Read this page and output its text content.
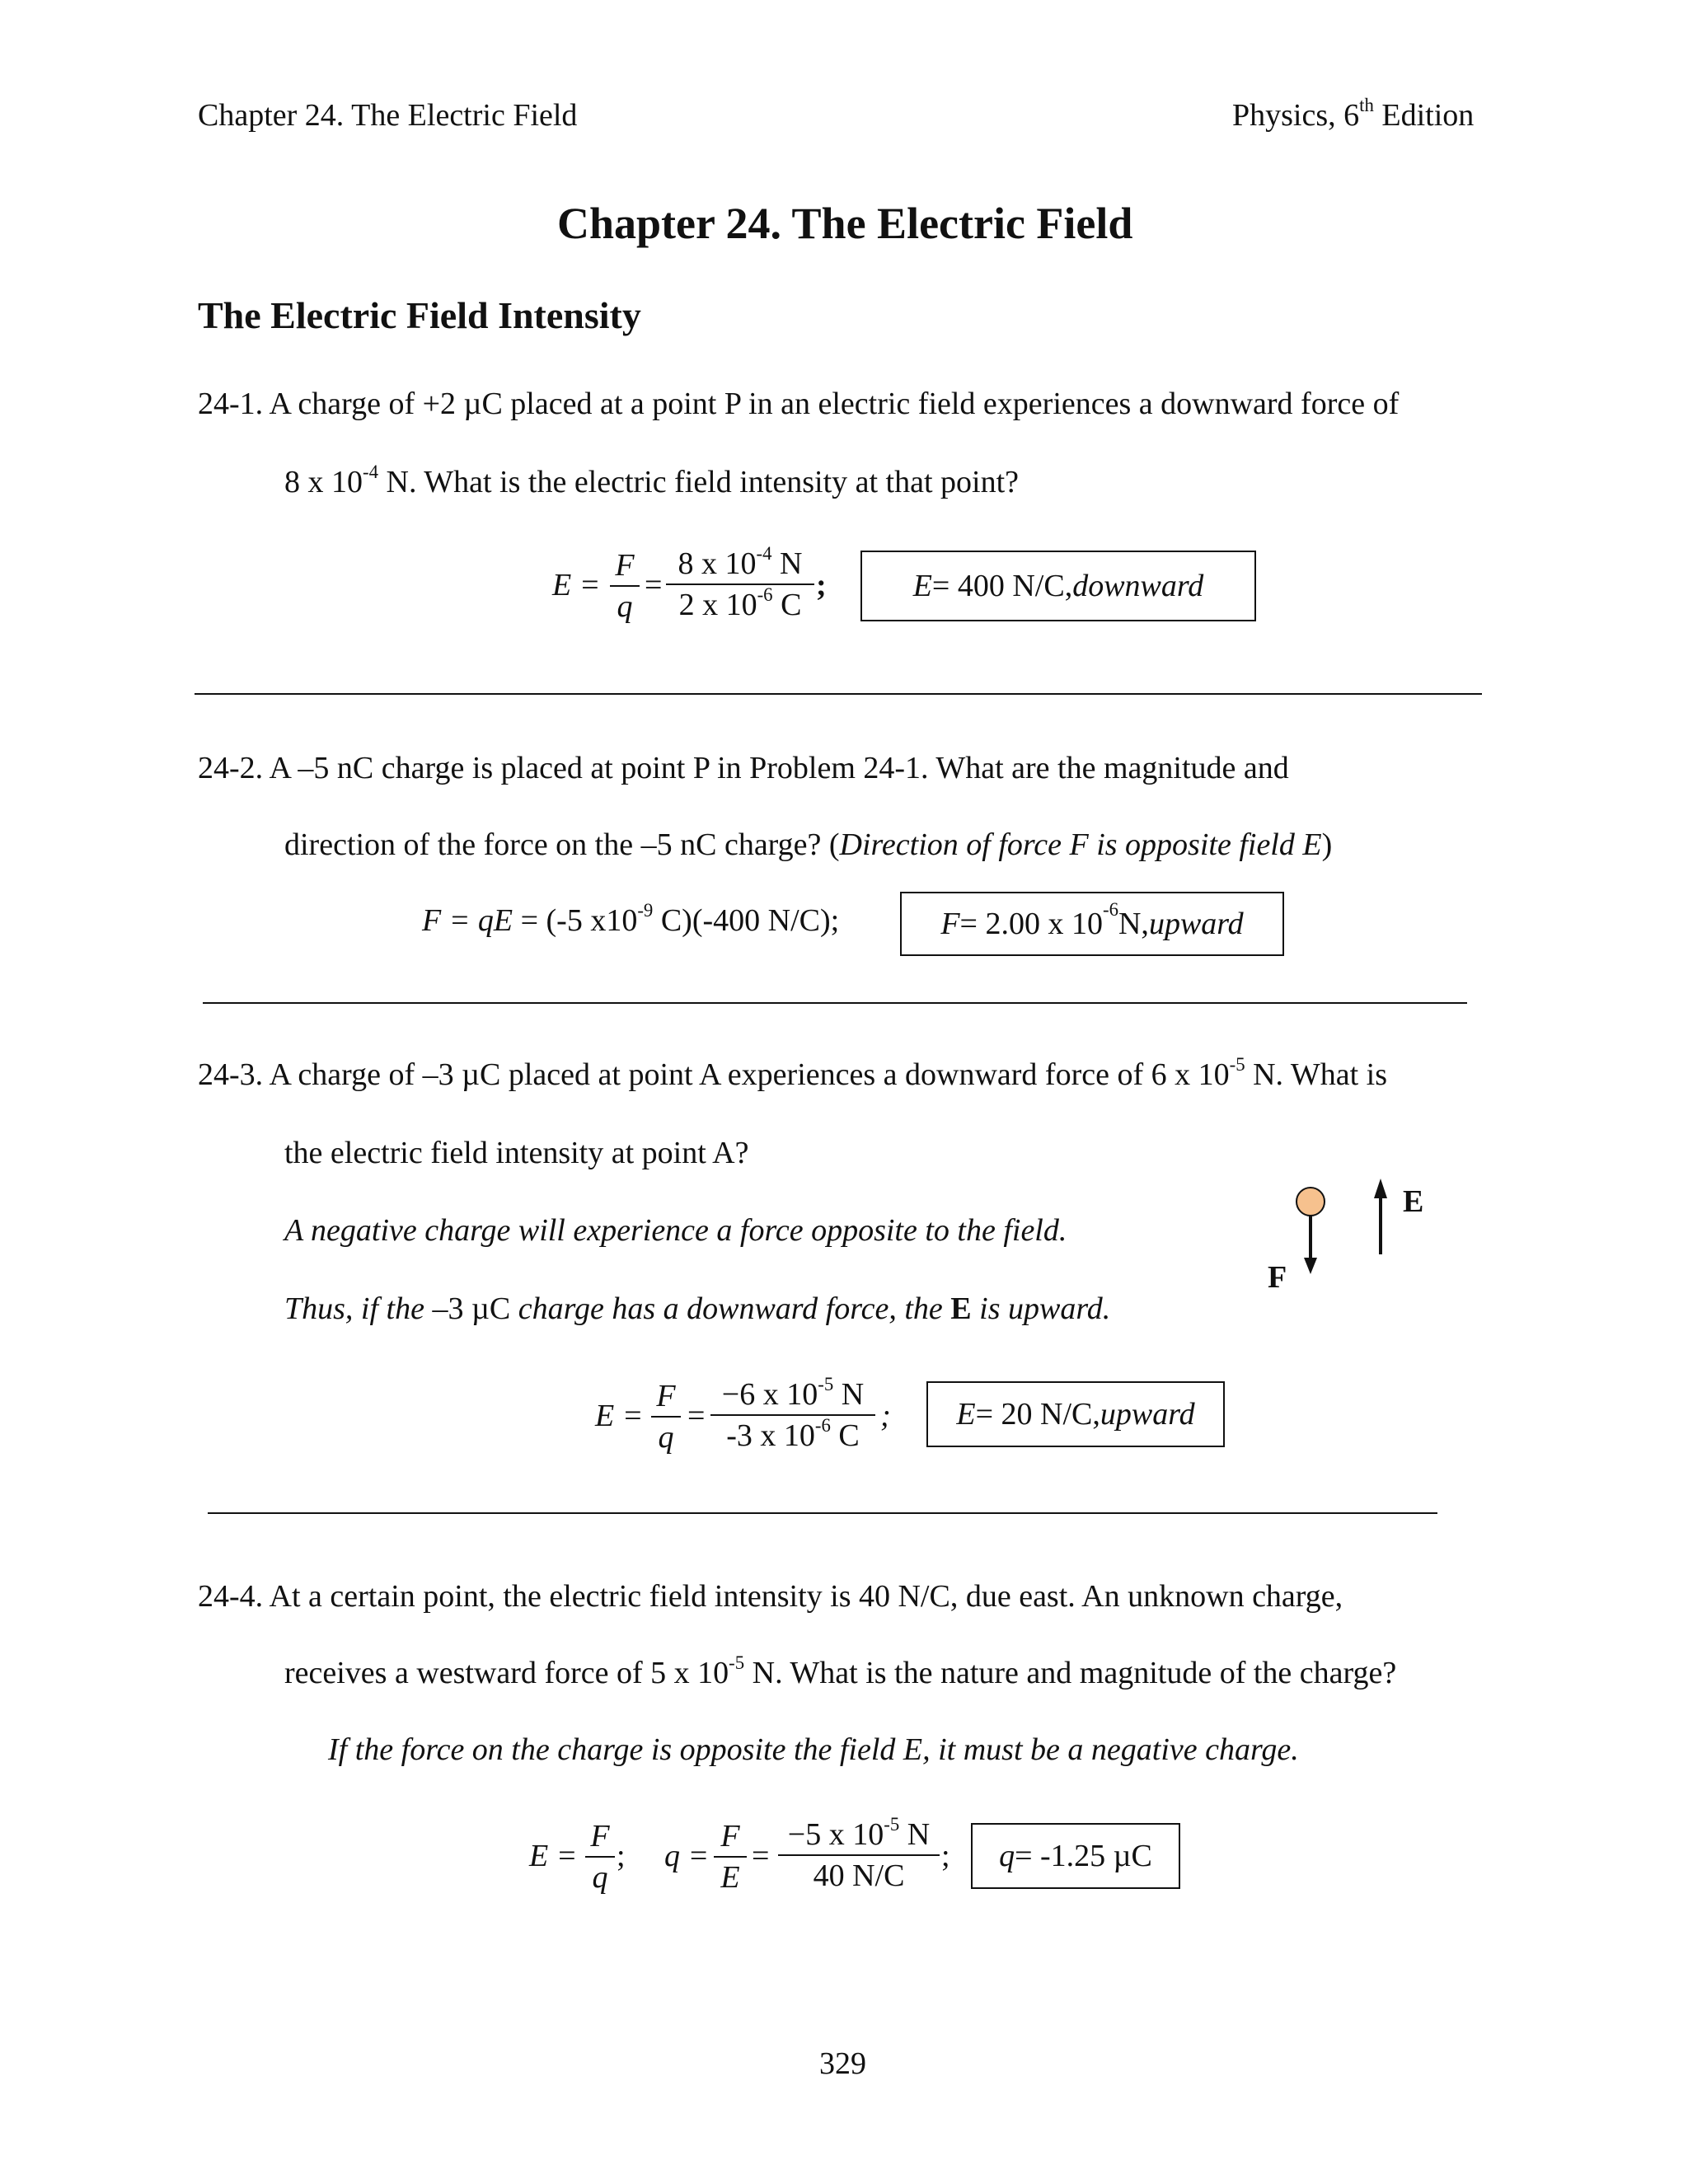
Chapter 24. The Electric Field	Physics, 6th Edition
Chapter 24. The Electric Field
The Electric Field Intensity
24-1. A charge of +2 µC placed at a point P in an electric field experiences a downward force of
8 x $10^{-4}$ N. What is the electric field intensity at that point?
E =
F
q
=
8 x $10^{-4}$ N
2 x $10^{-6}$ C
;	E = 400 N/C, downward
24-2. A –5 nC charge is placed at point P in Problem 24-1. What are the magnitude and
direction of the force on the –5 nC charge? (Direction of force F is opposite field E)
F = qE = (-5 $x10^{-9}$ C)(-400 N/C);	F = 2.00 x $10^{-6}$ N, upward
24-3. A charge of –3 µC placed at point A experiences a downward force of 6 x $10^{-5}$ N. What is
the electric field intensity at point A?
A negative charge will experience a force opposite to the field.
Thus, if the –3 µC charge has a downward force, the E is upward.
F
E
E =
F
q
=
−6 x $10^{-5}$ N
-3 x $10^{-6}$ C
; E = 20 N/C, upward
24-4. At a certain point, the electric field intensity is 40 N/C, due east. An unknown charge,
receives a westward force of 5 x $10^{-5}$ N. What is the nature and magnitude of the charge?
If the force on the charge is opposite the field E, it must be a negative charge.
E =
F
q
; q =
F
E
=
−5 x $10^{-5}$ N
40 N/C
; q = -1.25 µC
329
